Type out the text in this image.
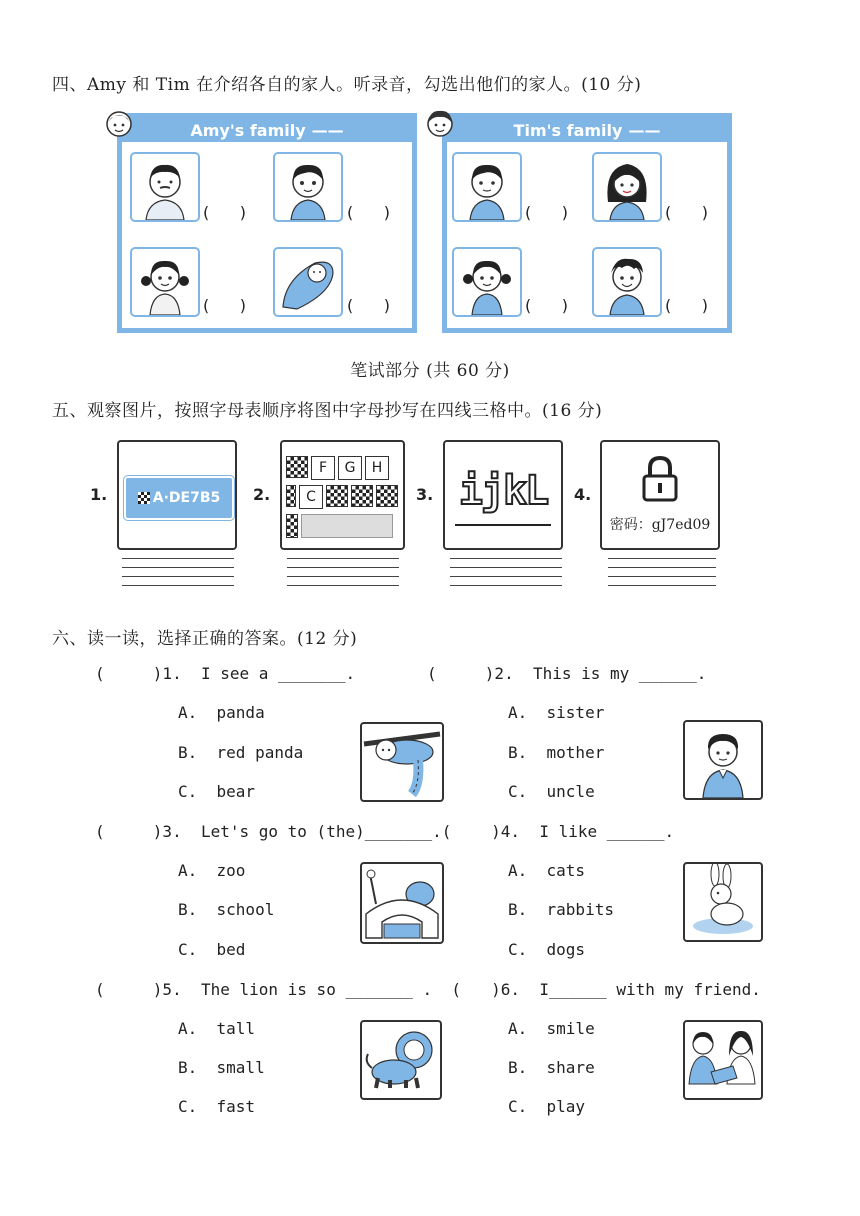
四、Amy 和 Tim 在介绍各自的家人。听录音，勾选出他们的家人。(10 分)
Amy's family ——
(      )	(      )
(      )	(      )
Tim's family ——
(      )	(      )
(      )	(      )
笔试部分 (共 60 分)
五、观察图片，按照字母表顺序将图中字母抄写在四线三格中。(16 分)
1.	A·DE7B5 2.
F	G	H
C	3. ijkL	4.
密码：gJ7ed09
六、读一读，选择正确的答案。(12 分)
(     )1.  I see a _______.
A.  panda
B.  red panda
C.  bear
(     )2.  This is my ______.
A.  sister
B.  mother
C.  uncle
(     )3.  Let's go to (the)_______.(
A.  zoo
B.  school
C.  bed
)4.  I like ______.
A.  cats
B.  rabbits
C.  dogs
(     )5.  The lion is so _______ .  (
A.  tall
B.  small
C.  fast
)6.  I______ with my friend.
A.  smile
B.  share
C.  play
